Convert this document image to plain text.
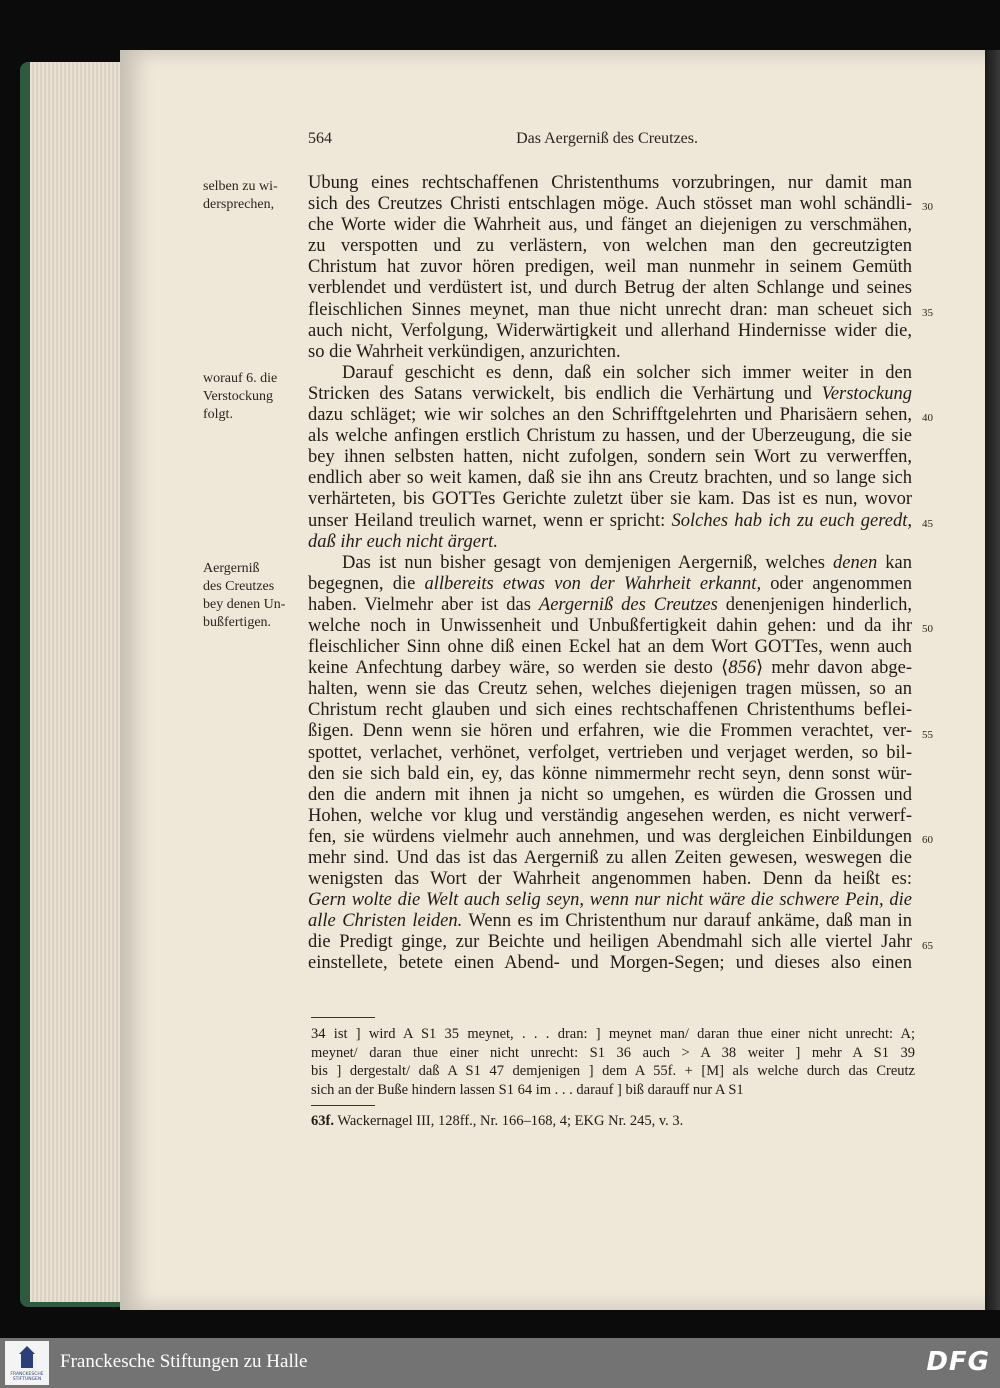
564	Das Aergerniß des Creutzes.
selben zu wi-
dersprechen,
worauf 6. die
Verstockung
folgt.
Aergerniß
des Creutzes
bey denen Un-
bußfertigen.
Ubung eines rechtschaffenen Christenthums vorzubringen, nur damit man
sich des Creutzes Christi entschlagen möge. Auch stösset man wohl schändli-
che Worte wider die Wahrheit aus, und fänget an diejenigen zu verschmähen,
zu verspotten und zu verlästern, von welchen man den gecreutzigten
Christum hat zuvor hören predigen, weil man nunmehr in seinem Gemüth
verblendet und verdüstert ist, und durch Betrug der alten Schlange und seines
fleischlichen Sinnes meynet, man thue nicht unrecht dran: man scheuet sich
auch nicht, Verfolgung, Widerwärtigkeit und allerhand Hindernisse wider die,
so die Wahrheit verkündigen, anzurichten.
Darauf geschicht es denn, daß ein solcher sich immer weiter in den
Stricken des Satans verwickelt, bis endlich die Verhärtung und Verstockung
dazu schläget; wie wir solches an den Schrifftgelehrten und Pharisäern sehen,
als welche anfingen erstlich Christum zu hassen, und der Uberzeugung, die sie
bey ihnen selbsten hatten, nicht zufolgen, sondern sein Wort zu verwerffen,
endlich aber so weit kamen, daß sie ihn ans Creutz brachten, und so lange sich
verhärteten, bis GOTTes Gerichte zuletzt über sie kam. Das ist es nun, wovor
unser Heiland treulich warnet, wenn er spricht: Solches hab ich zu euch geredt,
daß ihr euch nicht ärgert.
Das ist nun bisher gesagt von demjenigen Aergerniß, welches denen kan
begegnen, die allbereits etwas von der Wahrheit erkannt, oder angenommen
haben. Vielmehr aber ist das Aergerniß des Creutzes denenjenigen hinderlich,
welche noch in Unwissenheit und Unbußfertigkeit dahin gehen: und da ihr
fleischlicher Sinn ohne diß einen Eckel hat an dem Wort GOTTes, wenn auch
keine Anfechtung darbey wäre, so werden sie desto ⟨856⟩ mehr davon abge-
halten, wenn sie das Creutz sehen, welches diejenigen tragen müssen, so an
Christum recht glauben und sich eines rechtschaffenen Christenthums beflei-
ßigen. Denn wenn sie hören und erfahren, wie die Frommen verachtet, ver-
spottet, verlachet, verhönet, verfolget, vertrieben und verjaget werden, so bil-
den sie sich bald ein, ey, das könne nimmermehr recht seyn, denn sonst wür-
den die andern mit ihnen ja nicht so umgehen, es würden die Grossen und
Hohen, welche vor klug und verständig angesehen werden, es nicht verwerf-
fen, sie würdens vielmehr auch annehmen, und was dergleichen Einbildungen
mehr sind. Und das ist das Aergerniß zu allen Zeiten gewesen, weswegen die
wenigsten das Wort der Wahrheit angenommen haben. Denn da heißt es:
Gern wolte die Welt auch selig seyn, wenn nur nicht wäre die schwere Pein, die
alle Christen leiden. Wenn es im Christenthum nur darauf ankäme, daß man in
die Predigt ginge, zur Beichte und heiligen Abendmahl sich alle viertel Jahr
einstellete, betete einen Abend- und Morgen-Segen; und dieses also einen
30
35
40
45
50
55
60
65
34 ist ] wird A S1 35 meynet, . . . dran: ] meynet man/ daran thue einer nicht unrecht: A;
meynet/ daran thue einer nicht unrecht: S1 36 auch > A 38 weiter ] mehr A S1 39
bis ] dergestalt/ daß A S1 47 demjenigen ] dem A 55f. + [M] als welche durch das Creutz
sich an der Buße hindern lassen S1 64 im . . . darauf ] biß darauff nur A S1
63f. Wackernagel III, 128ff., Nr. 166–168, 4; EKG Nr. 245, v. 3.
FRANCKESCHE STIFTUNGEN
Franckesche Stiftungen zu Halle	DFG
